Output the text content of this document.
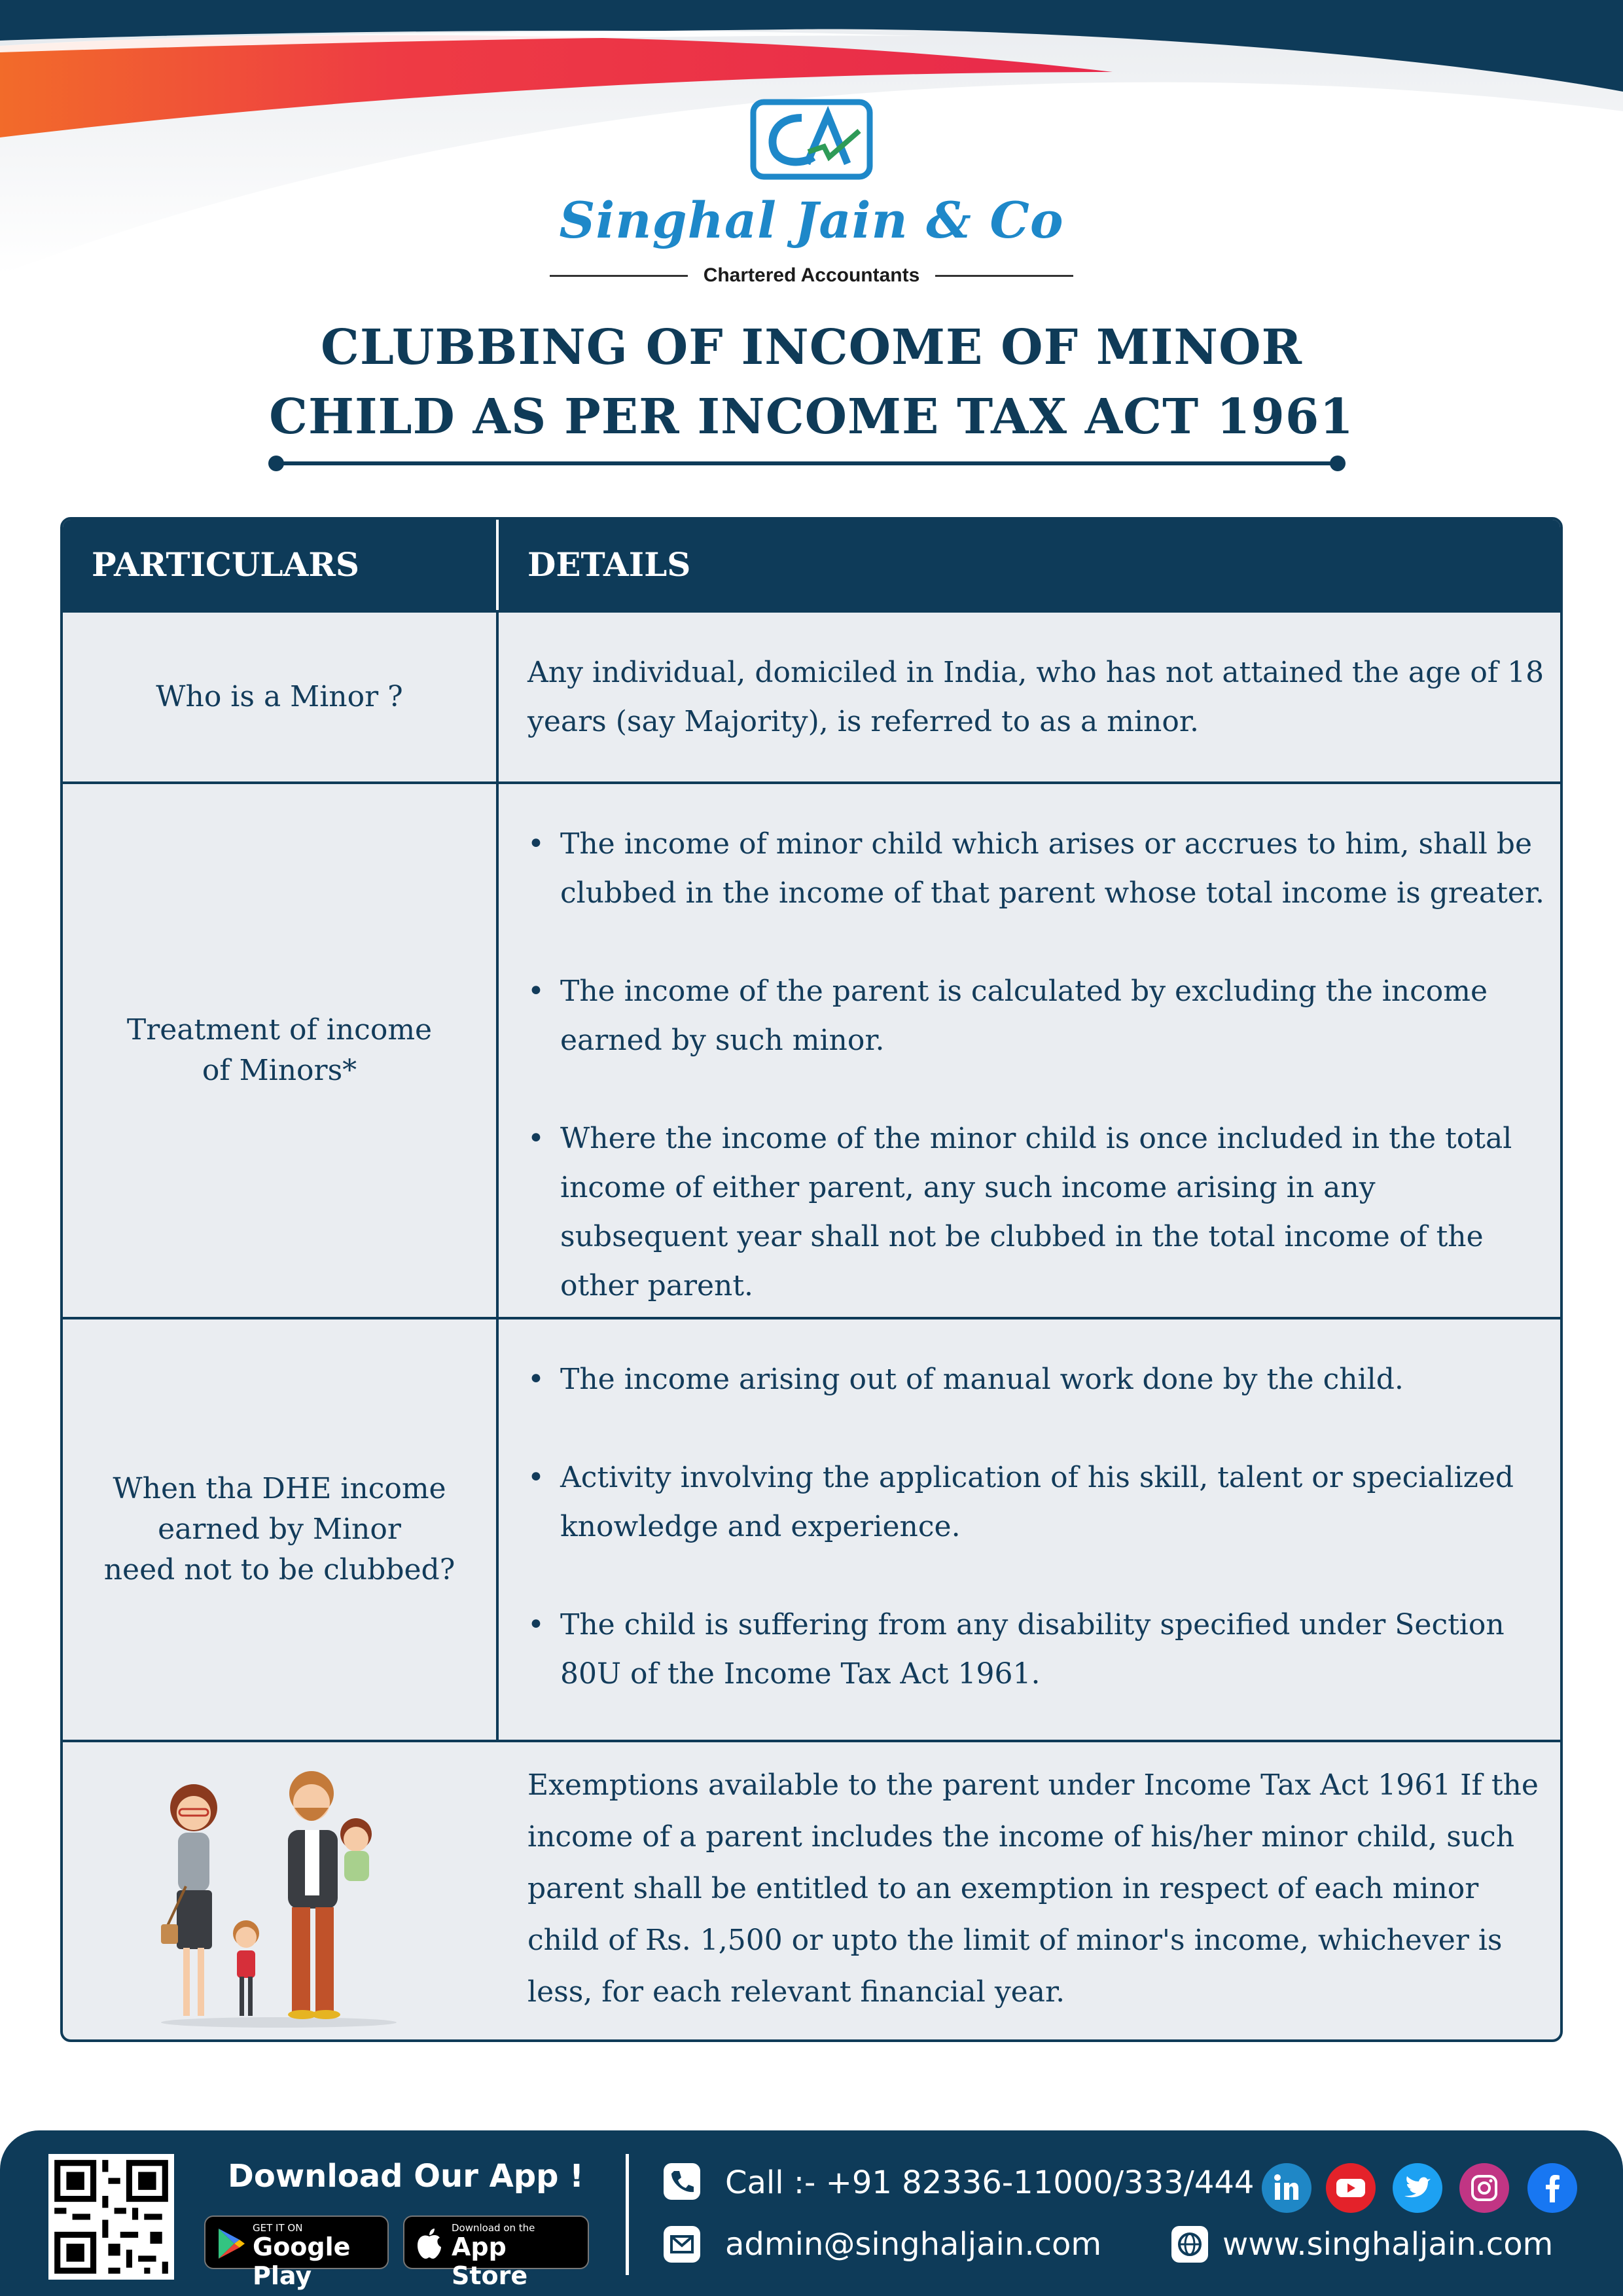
Singhal Jain & Co
Chartered Accountants
CLUBBING OF INCOME OF MINOR
CHILD AS PER INCOME TAX ACT 1961
PARTICULARS	DETAILS
Who is a Minor ?

Any individual, domiciled in India, who has not attained the age of 18 years (say Majority), is referred to as a minor.

Treatment of income
of Minors*

• The income of minor child which arises or accrues to him, shall be clubbed in the income of that parent whose total income is greater.

• The income of the parent is calculated by excluding the income earned by such minor.

• Where the income of the minor child is once included in the total income of either parent, any such income arising in any subsequent year shall not be clubbed in the total income of the other parent.

When tha DHE income
earned by Minor
need not to be clubbed?

• The income arising out of manual work done by the child.

• Activity involving the application of his skill, talent or specialized knowledge and experience.

• The child is suffering from any disability specified under Section 80U of the Income Tax Act 1961.

Exemptions available to the parent under Income Tax Act 1961 If the income of a parent includes the income of his/her minor child, such parent shall be entitled to an exemption in respect of each minor child of Rs. 1,500 or upto the limit of minor's income, whichever is less, for each relevant financial year.

Download Our App !
GET IT ON
Google Play
Download on the
App Store
Call :- +91 82336-11000/333/444
admin@singhaljain.com	www.singhaljain.com
